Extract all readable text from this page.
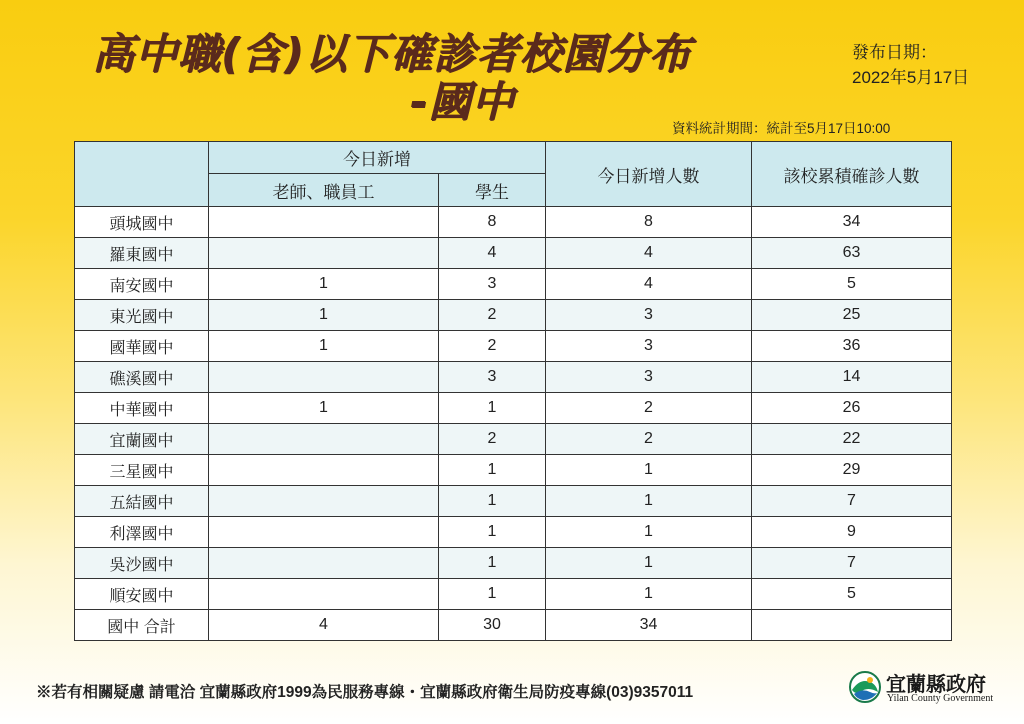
高中職(含)以下確診者校園分布
-國中
發布日期：
2022年5月17日
資料統計期間：統計至5月17日10:00
	今日新增		今日新增人數	該校累積確診人數
	老師、職員工	學生		
頭城國中		8	8	34
羅東國中		4	4	63
南安國中	1	3	4	5
東光國中	1	2	3	25
國華國中	1	2	3	36
礁溪國中		3	3	14
中華國中	1	1	2	26
宜蘭國中		2	2	22
三星國中		1	1	29
五結國中		1	1	7
利澤國中		1	1	9
吳沙國中		1	1	7
順安國中		1	1	5
國中 合計	4	30	34	
※若有相關疑慮 請電洽 宜蘭縣政府1999為民服務專線・宜蘭縣政府衛生局防疫專線(03)9357011	宜蘭縣政府
Yilan County Government
